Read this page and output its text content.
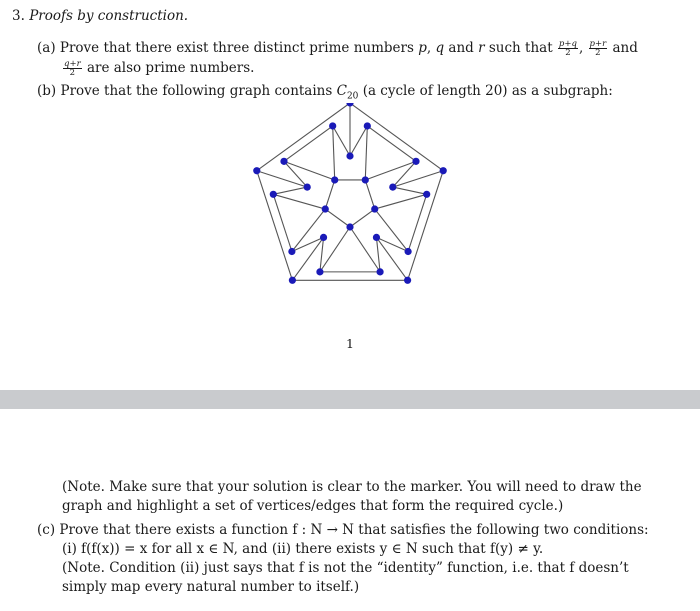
3. Proofs by construction.
(a) Prove that there exist three distinct prime numbers p, q and r such that $\frac{p+q}{2}$ , $\frac{p+r}{2}$ and
$\frac{q+r}{2}$ are also prime numbers.
(b) Prove that the following graph contains $C_{20}$ (a cycle of length 20) as a subgraph:
1
(Note. Make sure that your solution is clear to the marker. You will need to draw the
graph and highlight a set of vertices/edges that form the required cycle.)
(c) Prove that there exists a function f : N → N that satisfies the following two conditions:
(i) f(f(x)) = x for all x ∈ N, and (ii) there exists y ∈ N such that f(y) ≠ y.
(Note. Condition (ii) just says that f is not the “identity” function, i.e. that f doesn’t
simply map every natural number to itself.)
